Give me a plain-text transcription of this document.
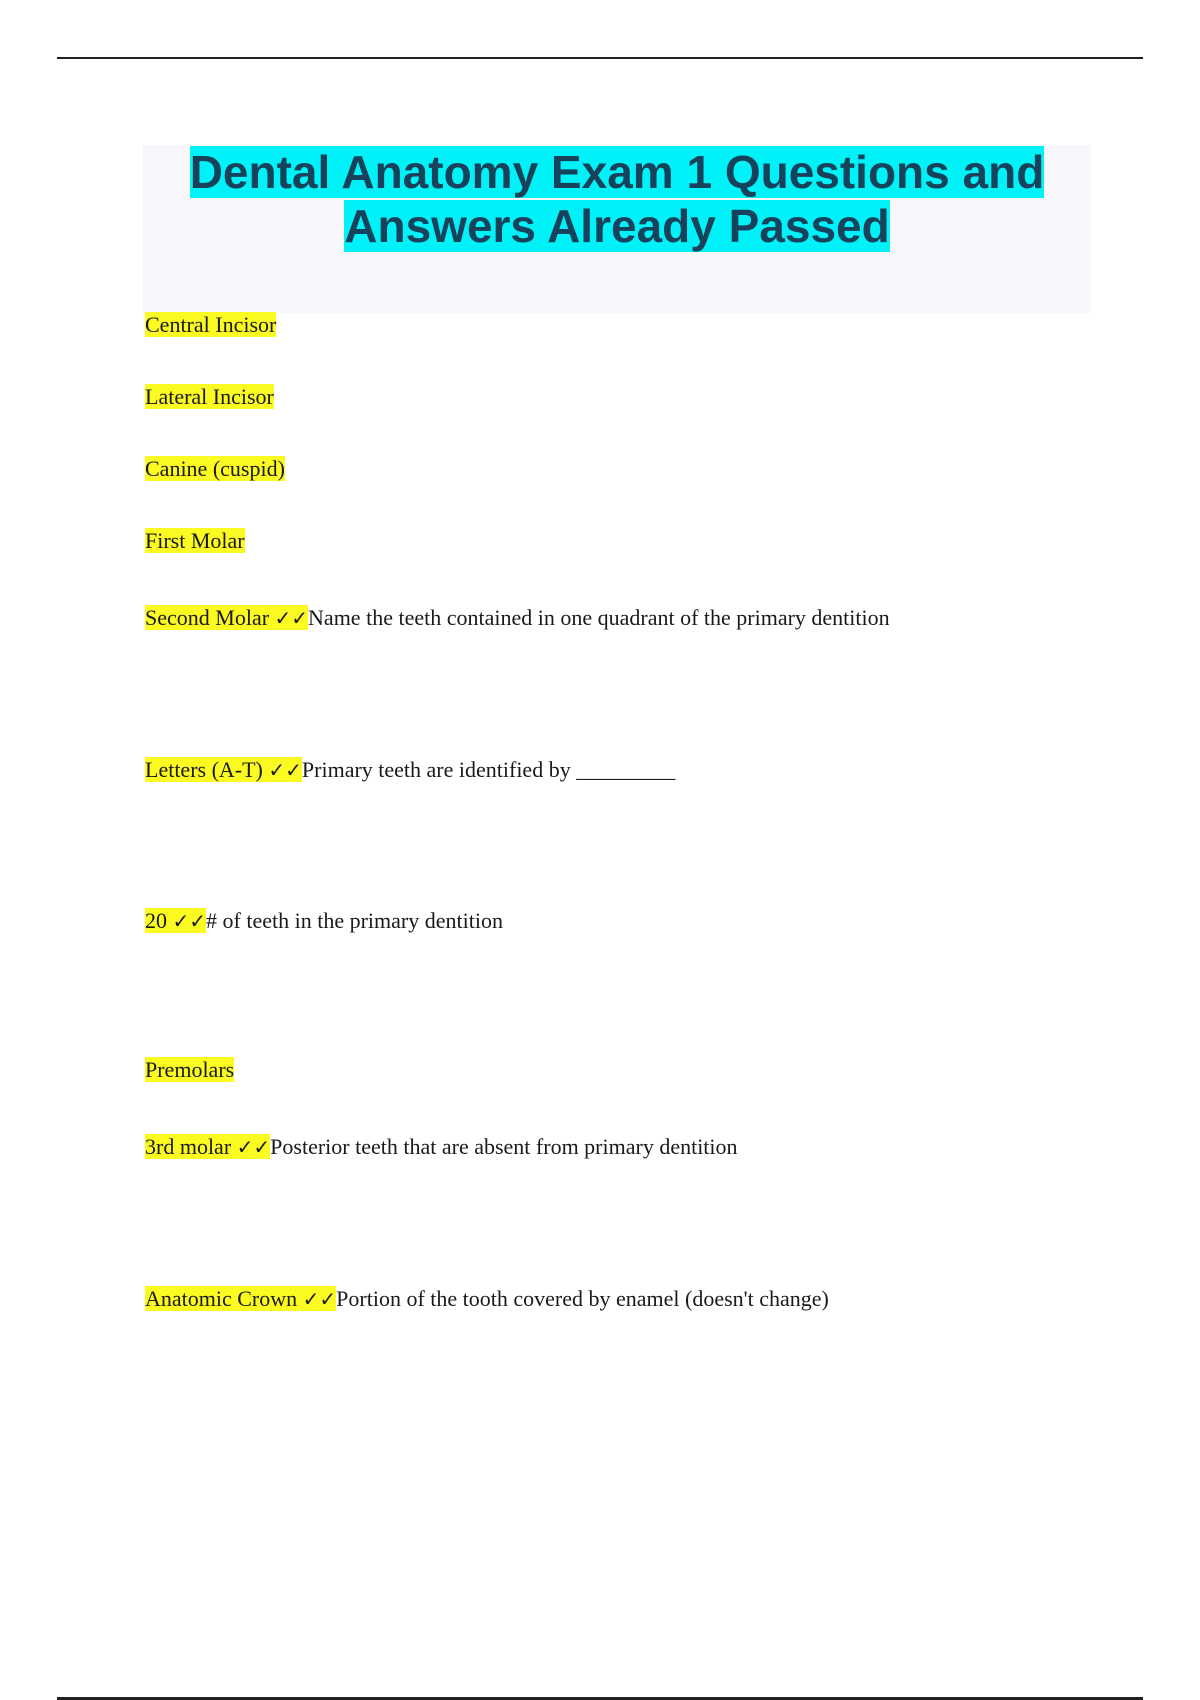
Dental Anatomy Exam 1 Questions and Answers Already Passed

Central Incisor

Lateral Incisor

Canine (cuspid)

First Molar

Second Molar ✓✓Name the teeth contained in one quadrant of the primary dentition

Letters (A-T) ✓✓Primary teeth are identified by _________

20 ✓✓# of teeth in the primary dentition

Premolars

3rd molar ✓✓Posterior teeth that are absent from primary dentition

Anatomic Crown ✓✓Portion of the tooth covered by enamel (doesn't change)
